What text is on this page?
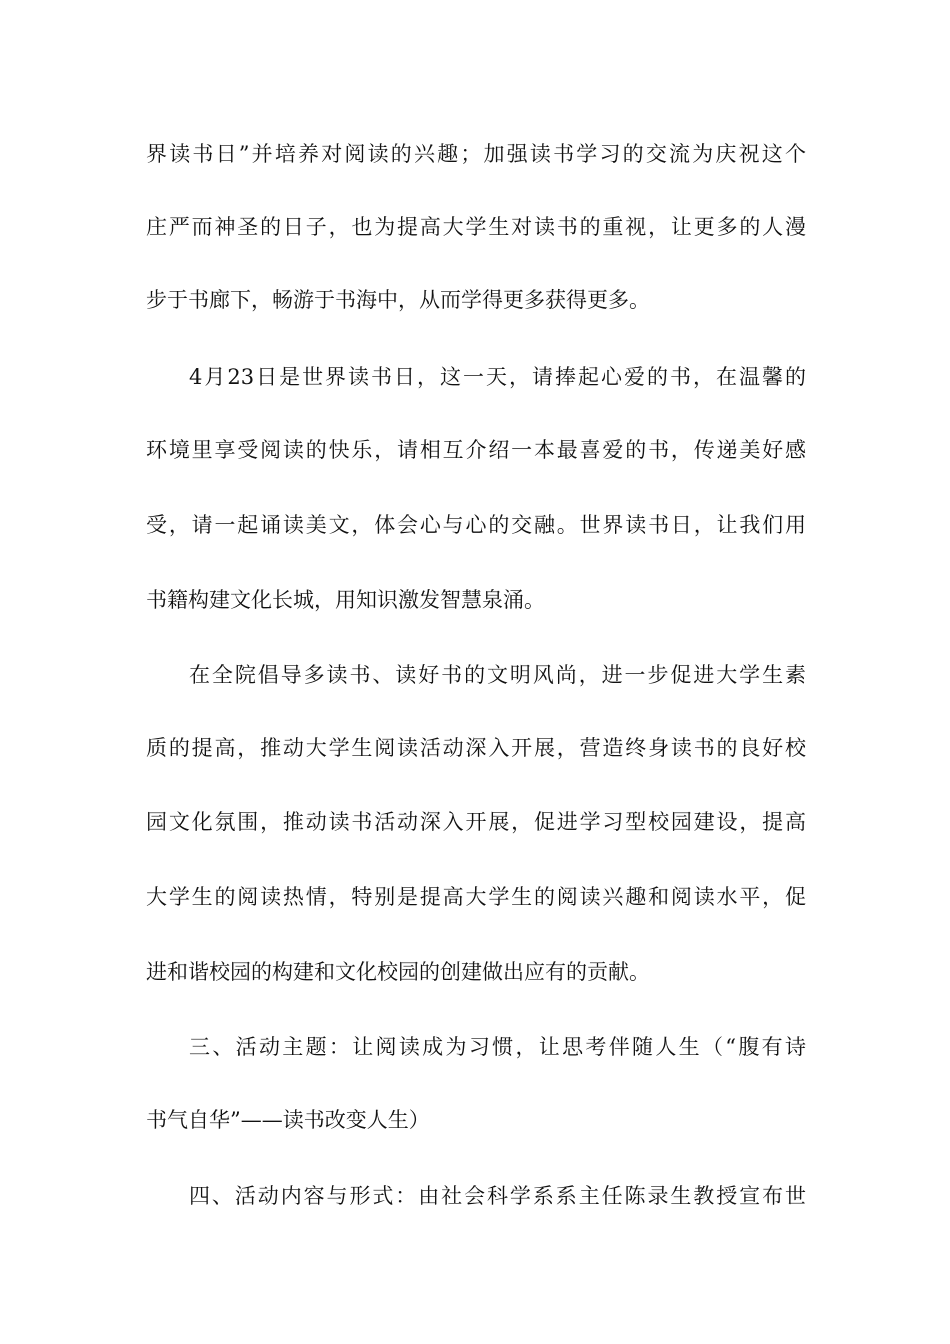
界读书日”并培养对阅读的兴趣；加强读书学习的交流为庆祝这个
庄严而神圣的日子，也为提高大学生对读书的重视，让更多的人漫
步于书廊下，畅游于书海中，从而学得更多获得更多。
4月23日是世界读书日，这一天，请捧起心爱的书，在温馨的
环境里享受阅读的快乐，请相互介绍一本最喜爱的书，传递美好感
受，请一起诵读美文，体会心与心的交融。世界读书日，让我们用
书籍构建文化长城，用知识激发智慧泉涌。
在全院倡导多读书、读好书的文明风尚，进一步促进大学生素
质的提高，推动大学生阅读活动深入开展，营造终身读书的良好校
园文化氛围，推动读书活动深入开展，促进学习型校园建设，提高
大学生的阅读热情，特别是提高大学生的阅读兴趣和阅读水平，促
进和谐校园的构建和文化校园的创建做出应有的贡献。
三、活动主题：让阅读成为习惯，让思考伴随人生（“腹有诗
书气自华”——读书改变人生）
四、活动内容与形式：由社会科学系系主任陈录生教授宣布世
